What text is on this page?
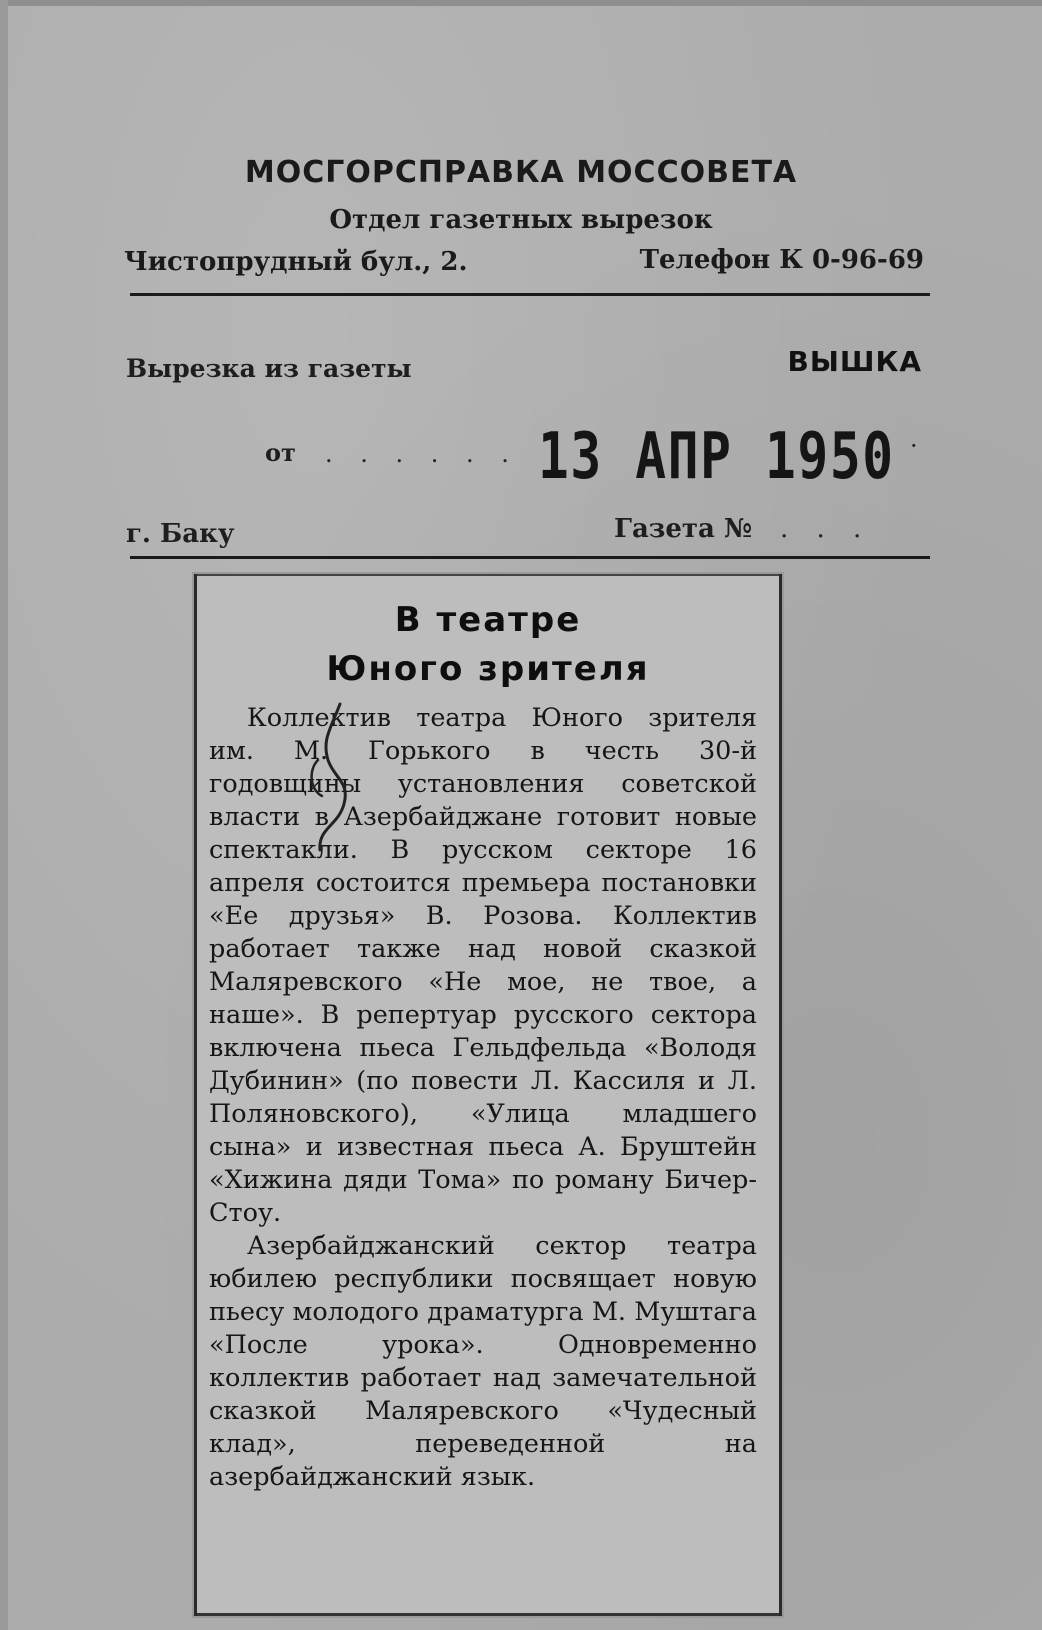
МОСГОРСПРАВКА МОССОВЕТА
Отдел газетных вырезок
Чистопрудный бул., 2.	Телефон К 0-96-69
Вырезка из газеты	ВЫШКА
от . . . . . . 13 АПР 1950 ·
г. Баку	Газета № . . .
В театре
Юного зрителя

Коллектив театра Юного зрителя им. М. Горького в честь 30-й годовщины установления советской власти в Азербайджане готовит новые спектакли. В русском секторе 16 апреля состоится премьера постановки «Ее друзья» В. Розова. Коллектив работает также над новой сказкой Маляревского «Не мое, не твое, а наше». В репертуар русского сектора включена пьеса Гельдфельда «Володя Дубинин» (по повести Л. Кассиля и Л. Поляновского), «Улица младшего сына» и известная пьеса А. Бруштейн «Хижина дяди Тома» по роману Бичер-Стоу.

Азербайджанский сектор театра юбилею республики посвящает новую пьесу молодого драматурга М. Муштага «После урока». Одновременно коллектив работает над замечательной сказкой Маляревского «Чудесный клад», переведенной на азербайджанский язык.
